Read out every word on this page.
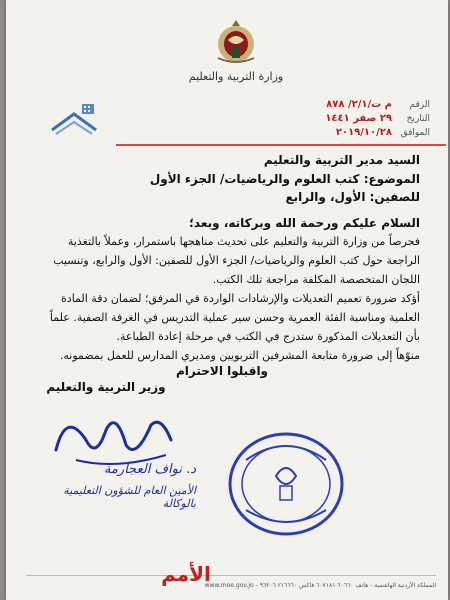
وزارة التربية والتعليم
الرقم
م ت/٢/١/ ٨٧٨
التاريخ
٢٩ صفر ١٤٤١
الموافق
٢٠١٩/١٠/٢٨

السيد مدير التربية والتعليم

الموضوع: كتب العلوم والرياضيات/ الجزء الأول

للصفين: الأول، والرابع

السلام عليكم ورحمة الله وبركاته، وبعد؛

فحرصاً من وزارة التربية والتعليم على تحديث مناهجها باستمرار، وعملاً بالتغذية الراجعة حول كتب العلوم والرياضيات/ الجزء الأول للصفين: الأول والرابع، وتنسيب اللجان المتخصصة المكلفة مراجعة تلك الكتب.

أؤكد ضرورة تعميم التعديلات والإرشادات الواردة في المرفق؛ لضمان دقة المادة العلمية ومناسبة الفئة العمرية وحسن سير عملية التدريس في الغرفة الصفية. علماً بأن التعديلات المذكورة ستدرج في الكتب في مرحلة إعادة الطباعة.

منوّهاً إلى ضرورة متابعة المشرفين التربويين ومديري المدارس للعمل بمضمونه.

واقبلوا الاحترام
وزير التربية والتعليم
د. نواف العجارمة
الأمين العام للشؤون التعليمية بالوكالة
المملكة الأردنية الهاشمية - هاتف ٦٠٦٦٠ ٦٠٧١٨١ فاكس ٢١٦٦٦٠ ٩٦٢٠٦ - www.moe.gov.jo
الأمم
